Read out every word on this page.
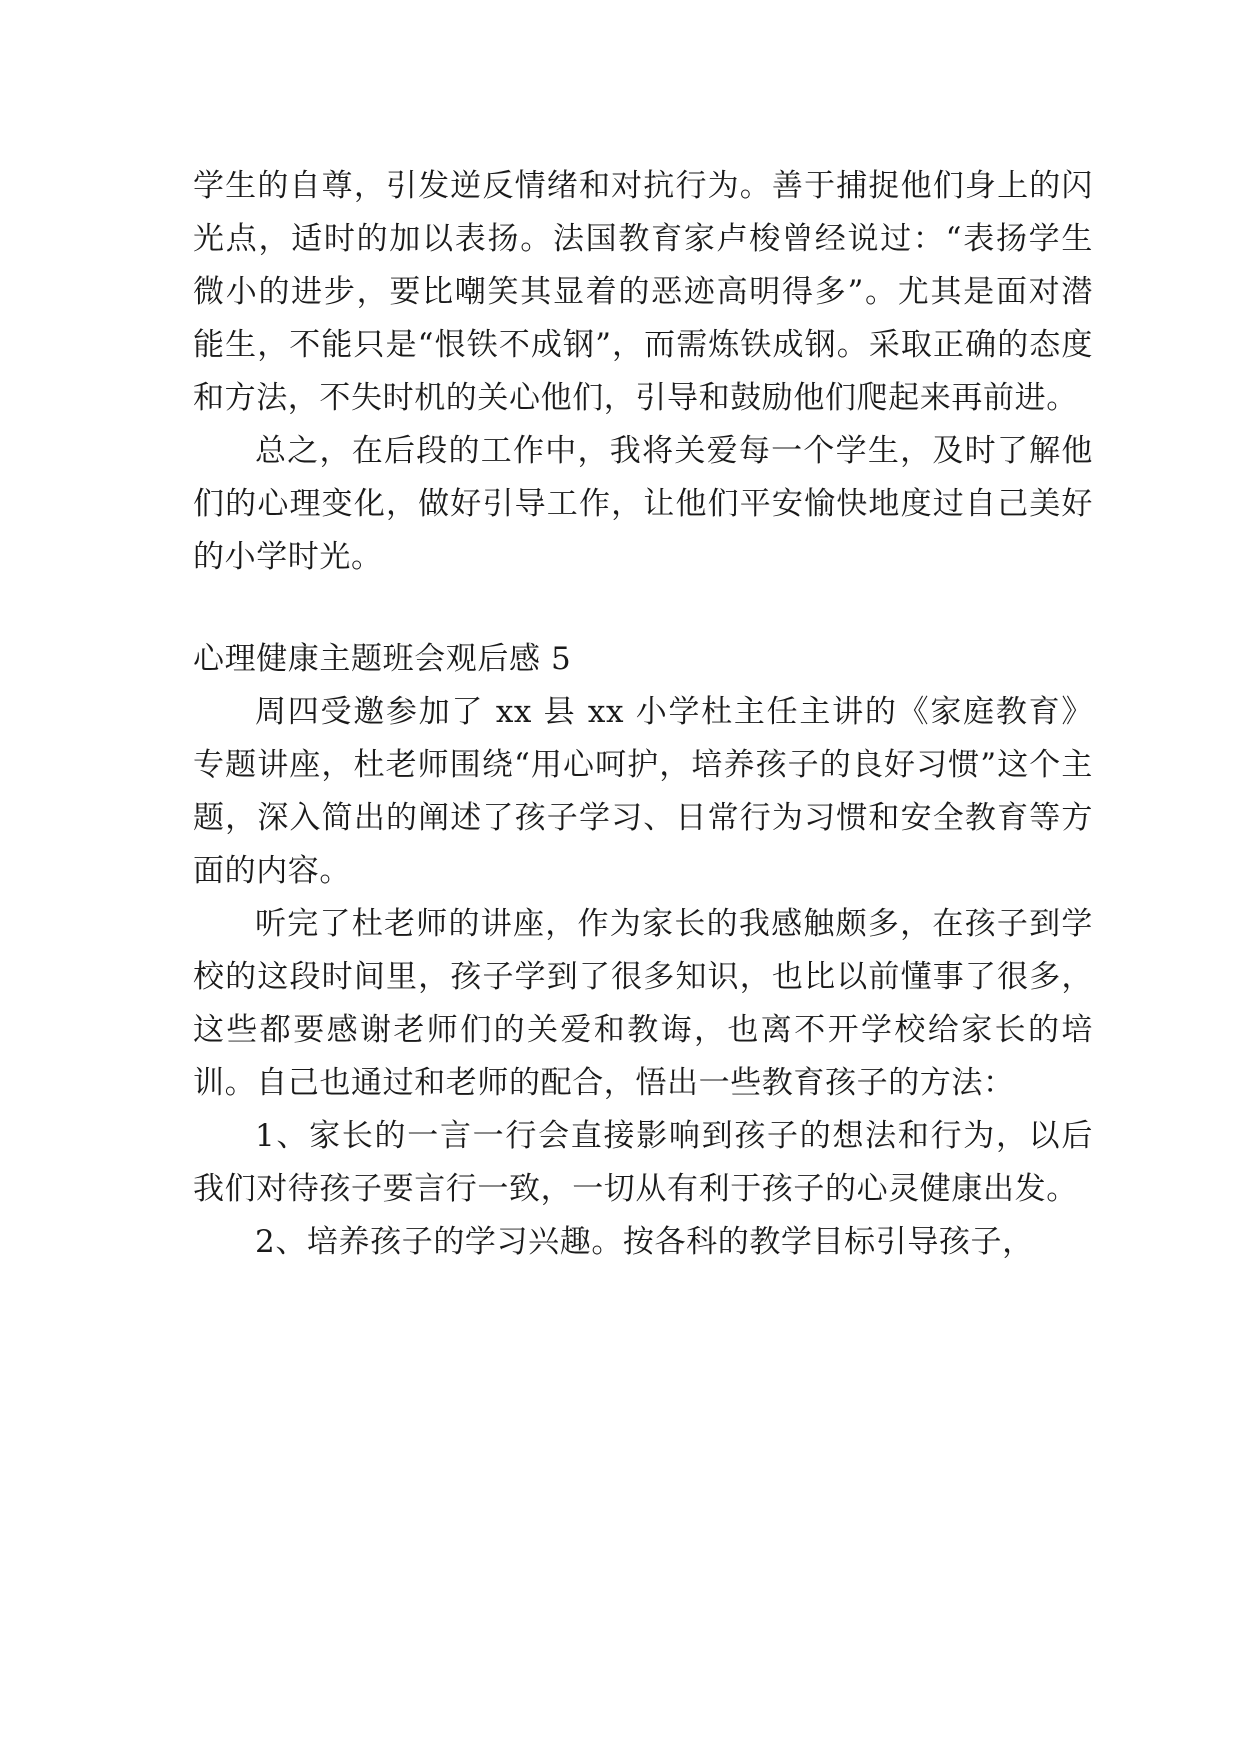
学生的自尊，引发逆反情绪和对抗行为。善于捕捉他们身上的闪光点，适时的加以表扬。法国教育家卢梭曾经说过：“表扬学生微小的进步，要比嘲笑其显着的恶迹高明得多”。尤其是面对潜能生，不能只是“恨铁不成钢”，而需炼铁成钢。采取正确的态度和方法，不失时机的关心他们，引导和鼓励他们爬起来再前进。

总之，在后段的工作中，我将关爱每一个学生，及时了解他们的心理变化，做好引导工作，让他们平安愉快地度过自己美好的小学时光。

心理健康主题班会观后感 5

周四受邀参加了 xx 县 xx 小学杜主任主讲的《家庭教育》专题讲座，杜老师围绕“用心呵护，培养孩子的良好习惯”这个主题，深入简出的阐述了孩子学习、日常行为习惯和安全教育等方面的内容。

听完了杜老师的讲座，作为家长的我感触颇多，在孩子到学校的这段时间里，孩子学到了很多知识，也比以前懂事了很多，这些都要感谢老师们的关爱和教诲，也离不开学校给家长的培训。自己也通过和老师的配合，悟出一些教育孩子的方法：

1、家长的一言一行会直接影响到孩子的想法和行为，以后我们对待孩子要言行一致，一切从有利于孩子的心灵健康出发。

2、培养孩子的学习兴趣。按各科的教学目标引导孩子，
